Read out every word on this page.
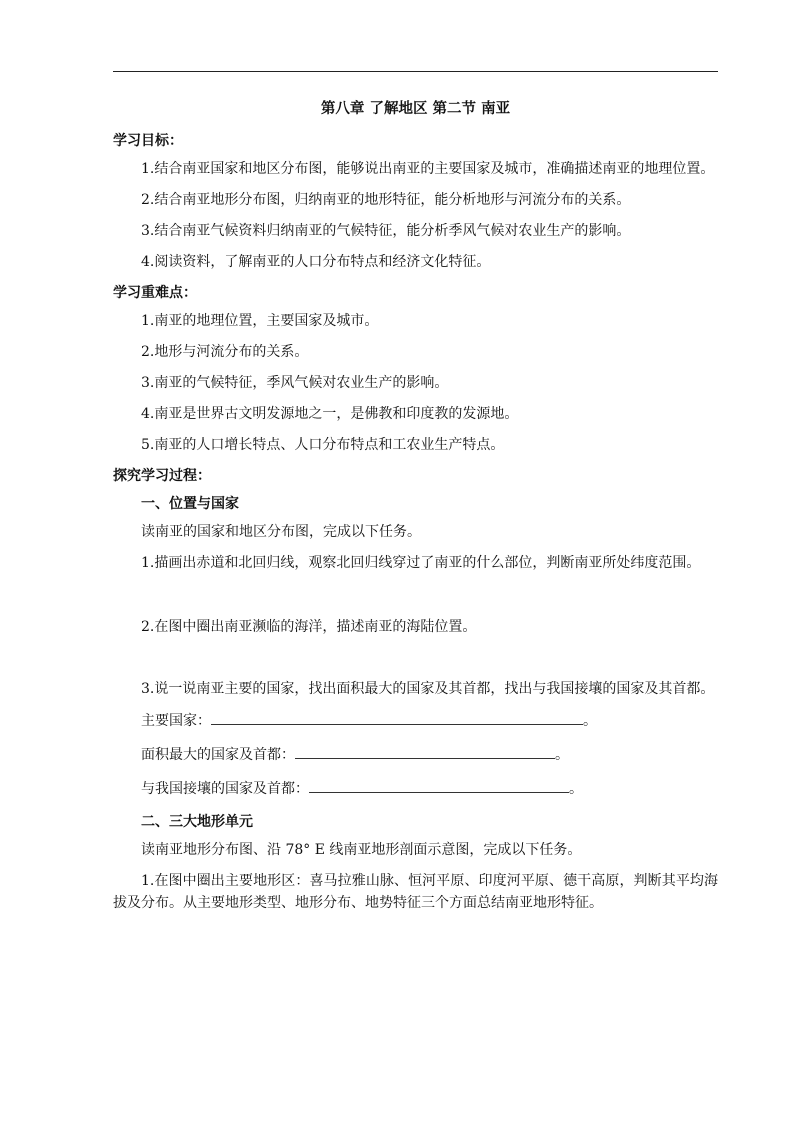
第八章 了解地区 第二节 南亚
学习目标：
1.结合南亚国家和地区分布图，能够说出南亚的主要国家及城市，准确描述南亚的地理位置。
2.结合南亚地形分布图，归纳南亚的地形特征，能分析地形与河流分布的关系。
3.结合南亚气候资料归纳南亚的气候特征，能分析季风气候对农业生产的影响。
4.阅读资料，了解南亚的人口分布特点和经济文化特征。
学习重难点：
1.南亚的地理位置，主要国家及城市。
2.地形与河流分布的关系。
3.南亚的气候特征，季风气候对农业生产的影响。
4.南亚是世界古文明发源地之一，是佛教和印度教的发源地。
5.南亚的人口增长特点、人口分布特点和工农业生产特点。
探究学习过程：
一、位置与国家
读南亚的国家和地区分布图，完成以下任务。
1.描画出赤道和北回归线，观察北回归线穿过了南亚的什么部位，判断南亚所处纬度范围。
2.在图中圈出南亚濒临的海洋，描述南亚的海陆位置。
3.说一说南亚主要的国家，找出面积最大的国家及其首都，找出与我国接壤的国家及其首都。
主要国家：	。
面积最大的国家及首都：	。
与我国接壤的国家及首都：	。
二、三大地形单元
读南亚地形分布图、沿 78° E 线南亚地形剖面示意图，完成以下任务。
1.在图中圈出主要地形区：喜马拉雅山脉、恒河平原、印度河平原、德干高原，判断其平均海拔及分布。从主要地形类型、地形分布、地势特征三个方面总结南亚地形特征。
